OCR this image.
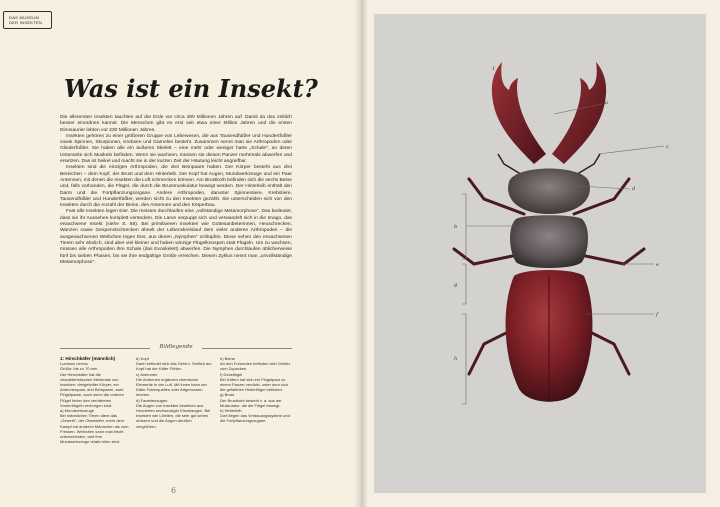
DAS MUSEUM
DER INSEKTEN
Was ist ein Insekt?

Die allerersten Insekten tauchten auf der Erde vor circa 480 Millionen Jahren auf. Damit du das zeitlich besser einordnen kannst: Die Menschen gibt es erst seit etwa einer Million Jahren und die ersten Dinosaurier lebten vor 230 Millionen Jahren.

Insekten gehören zu einer größeren Gruppe von Lebewesen, die aus Tausendfüßler und Hundertfüßler sowie Spinnen, Skorpionen, Krebsen und Garnelen besteht. Zusammen nennt man sie Arthropoden oder Gliederfüßler. Sie haben alle ein äußeres Skelett – eine mehr oder weniger harte „Schale", an deren Unterseite sich Muskeln befinden. Wenn sie wachsen, müssen sie diesen Panzer mehrmals abwerfen und ersetzen. Das ist heikel und macht sie in der kurzen Zeit der Häutung leicht angreifbar.

Insekten sind die einzigen Arthropoden, die drei Beinpaare haben. Der Körper besteht aus drei Bereichen – dem Kopf, der Brust und dem Hinterleib. Der Kopf hat Augen, Mundwerkzeuge und ein Paar Antennen, mit denen die Insekten die Luft schmecken können. Am Brustkorb befinden sich die sechs Beine und, falls vorhanden, die Flügel, die durch die Brustmuskulatur bewegt werden. Der Hinterleib enthält den Darm und die Fortpflanzungsorgane. Andere Arthropoden, darunter Spinnentiere, Krebstiere, Tausendfüßler und Hundertfüßler, werden nicht zu den Insekten gezählt. Sie unterscheiden sich von den Insekten durch die Anzahl der Beine, den Antennen und den Körperbau.

Fast alle Insekten legen Eier. Die meisten durchlaufen eine „vollständige Metamorphose". Das bedeutet, dass sie ihr Aussehen komplett verändern. Die Larve verpuppt sich und verwandelt sich in die Imago, das erwachsene Insekt (siehe S. 68). Bei primitiveren Insekten wie Gottesanbeterinnen, Heuschrecken, Wanzen sowie Gespenstschrecken ähnelt der Lebenskreislauf dem vieler anderen Arthropoden – die ausgewachsenen Weibchen legen Eier, aus denen „Nymphen" schlüpfen. Diese sehen den erwachsenen Tieren sehr ähnlich, sind aber viel kleiner und haben winzige Flügelknospen statt Flügeln. Um zu wachsen, müssen alle Arthropoden ihre Schale (das Exoskelett) abwerfen. Die Nymphen durchlaufen üblicherweise fünf bis sieben Phasen, bis sie ihre endgültige Größe erreichen. Diesen Zyklus nennt man „unvollständige Metamorphose".

Bildlegende
1: Hirschkäfer (männlich)
Lucanus cervus
Größe: bis zu 70 mm
Der Hirschkäfer hat die charakteristischen Merkmale von Insekten: dreigeteilter Körper, ein Antennenpaar, drei Beinpaare, zwei Flügelpaare, auch wenn die unteren Flügel hinter den verhärteten Vorderflügeln verborgen sind.
a) Mundwerkzeuge
Bei männlichen Tieren dient das „Geweih", der Oberkiefer, mehr dem Kampf mit anderen Männchen als zum Fressen. Weibchen kann man leicht unterscheiden, weil ihre Mundwerkzeuge relativ klein sind.
b) Kopf
Darin befindet sich das Gehirn. Seitlich am Kopf hat der Käfer Fühler.
c) Antennen
Die Antennen ergänzen chemische Elemente in der Luft. Mit ihnen kann der Käfer Futterquellen oder Artgenossen riechen.
d) Facettenaugen
Die Augen von Insekten bestehen aus Hunderten sechseckiger Einzelaugen. Bei Insekten wie Libellen, die sehr gut sehen müssen und die Augen deutlich vergrößern.
e) Beine
An den Fußenden befinden sich Greifer zum Zupacken.
f) Deckflügel
Bei Käfern hat sich ein Flügelpaar zu einem Panzer verdickt, unter dem sich die gefalteten Hinterflügel befinden.
g) Brust
Der Brustkorb besteht v. a. aus der Muskulatur, die die Flügel bewegt.
h) Hinterleib
Dort liegen das Verdauungssystem und die Fortpflanzungsorgane.
6
1
a
b
c
d
e
f
g
h
